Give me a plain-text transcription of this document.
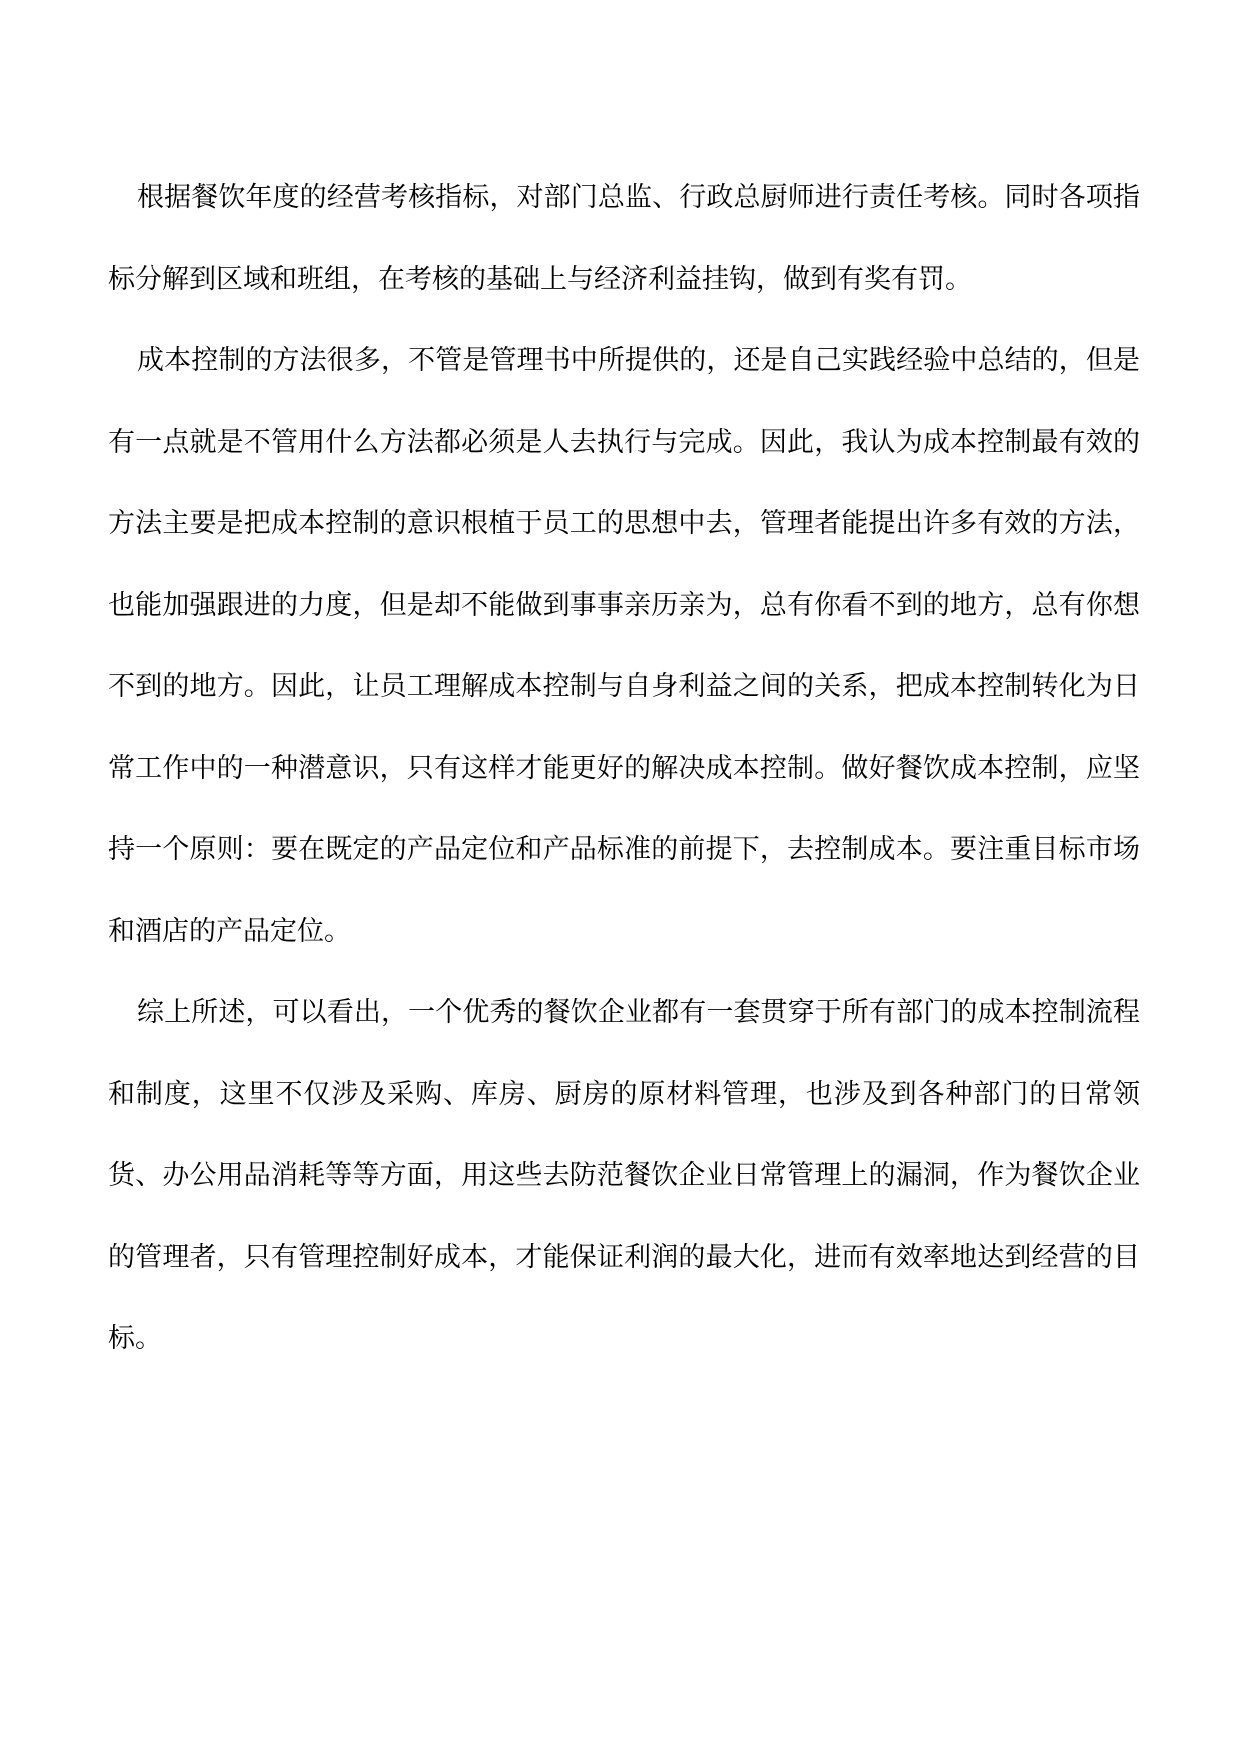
根据餐饮年度的经营考核指标，对部门总监、行政总厨师进行责任考核。同时各项指标分解到区域和班组，在考核的基础上与经济利益挂钩，做到有奖有罚。

成本控制的方法很多，不管是管理书中所提供的，还是自己实践经验中总结的，但是有一点就是不管用什么方法都必须是人去执行与完成。因此，我认为成本控制最有效的方法主要是把成本控制的意识根植于员工的思想中去，管理者能提出许多有效的方法，也能加强跟进的力度，但是却不能做到事事亲历亲为，总有你看不到的地方，总有你想不到的地方。因此，让员工理解成本控制与自身利益之间的关系，把成本控制转化为日常工作中的一种潜意识，只有这样才能更好的解决成本控制。做好餐饮成本控制，应坚持一个原则：要在既定的产品定位和产品标准的前提下，去控制成本。要注重目标市场和酒店的产品定位。

综上所述，可以看出，一个优秀的餐饮企业都有一套贯穿于所有部门的成本控制流程和制度，这里不仅涉及采购、库房、厨房的原材料管理，也涉及到各种部门的日常领货、办公用品消耗等等方面，用这些去防范餐饮企业日常管理上的漏洞，作为餐饮企业的管理者，只有管理控制好成本，才能保证利润的最大化，进而有效率地达到经营的目标。
